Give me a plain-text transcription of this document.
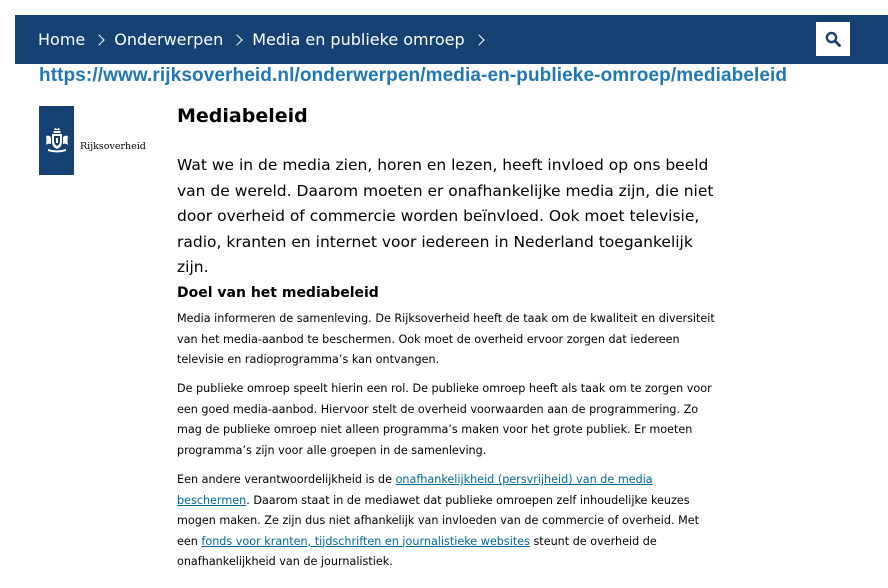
Home Onderwerpen Media en publieke omroep
https://www.rijksoverheid.nl/onderwerpen/media-en-publieke-omroep/mediabeleid
Rijksoverheid
Mediabeleid

Wat we in de media zien, horen en lezen, heeft invloed op ons beeld van de wereld. Daarom moeten er onafhankelijke media zijn, die niet door overheid of commercie worden beïnvloed. Ook moet televisie, radio, kranten en internet voor iedereen in Nederland toegankelijk zijn.

Doel van het mediabeleid

Media informeren de samenleving. De Rijksoverheid heeft de taak om de kwaliteit en diversiteit van het media-aanbod te beschermen. Ook moet de overheid ervoor zorgen dat iedereen televisie en radioprogramma’s kan ontvangen.

De publieke omroep speelt hierin een rol. De publieke omroep heeft als taak om te zorgen voor een goed media-aanbod. Hiervoor stelt de overheid voorwaarden aan de programmering. Zo mag de publieke omroep niet alleen programma’s maken voor het grote publiek. Er moeten programma’s zijn voor alle groepen in de samenleving.

Een andere verantwoordelijkheid is de onafhankelijkheid (persvrijheid) van de media beschermen. Daarom staat in de mediawet dat publieke omroepen zelf inhoudelijke keuzes mogen maken. Ze zijn dus niet afhankelijk van invloeden van de commercie of overheid. Met een fonds voor kranten, tijdschriften en journalistieke websites steunt de overheid de onafhankelijkheid van de journalistiek.
